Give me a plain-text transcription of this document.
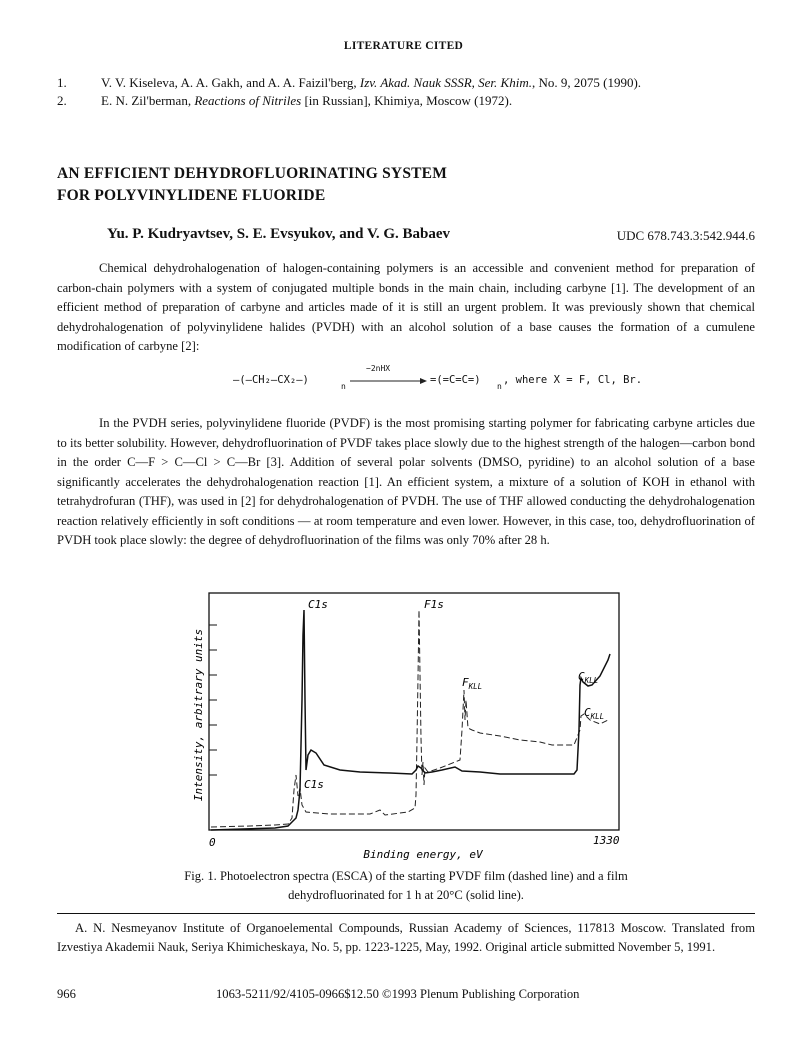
LITERATURE CITED
1.	V. V. Kiseleva, A. A. Gakh, and A. A. Faizil'berg, Izv. Akad. Nauk SSSR, Ser. Khim., No. 9, 2075 (1990).
2.	E. N. Zil'berman, Reactions of Nitriles [in Russian], Khimiya, Moscow (1972).
AN EFFICIENT DEHYDROFLUORINATING SYSTEM
FOR POLYVINYLIDENE FLUORIDE
Yu. P. Kudryavtsev, S. E. Evsyukov, and V. G. Babaev	UDC 678.743.3:542.944.6

Chemical dehydrohalogenation of halogen-containing polymers is an accessible and convenient method for preparation of carbon-chain polymers with a system of conjugated multiple bonds in the main chain, including carbyne [1]. The development of an efficient method of preparation of carbyne and articles made of it is still an urgent problem. It was previously shown that chemical dehydrohalogenation of polyvinylidene halides (PVDH) with an alcohol solution of a base causes the formation of a cumulene modification of carbyne [2]:

—(—CH₂—CX₂—)
n
−2nHX
=(=C=C=)
n
, where X = F, Cl, Br.

In the PVDH series, polyvinylidene fluoride (PVDF) is the most promising starting polymer for fabricating carbyne articles due to its better solubility. However, dehydrofluorination of PVDF takes place slowly due to the highest strength of the halogen—carbon bond in the order C—F > C—Cl > C—Br [3]. Addition of several polar solvents (DMSO, pyridine) to an alcohol solution of a base significantly accelerates the dehydrohalogenation reaction [1]. An efficient system, a mixture of a solution of KOH in ethanol with tetrahydrofuran (THF), was used in [2] for dehydrohalogenation of PVDH. The use of THF allowed conducting the dehydrohalogenation reaction relatively efficiently in soft conditions — at room temperature and even lower. However, in this case, too, dehydrofluorination of PVDH took place slowly: the degree of dehydrofluorination of the films was only 70% after 28 h.

C1s	F1s
$F_{KLL}$
$C_{KLL}$
$C_{KLL}$
C1s
Intensity, arbitrary units
0	1330
Binding energy, eV
Fig. 1. Photoelectron spectra (ESCA) of the starting PVDF film (dashed line) and a film
dehydrofluorinated for 1 h at 20°C (solid line).

A. N. Nesmeyanov Institute of Organoelemental Compounds, Russian Academy of Sciences, 117813 Moscow. Translated from Izvestiya Akademii Nauk, Seriya Khimicheskaya, No. 5, pp. 1223-1225, May, 1992. Original article submitted November 5, 1991.

966	1063-5211/92/4105-0966$12.50 ©1993 Plenum Publishing Corporation
